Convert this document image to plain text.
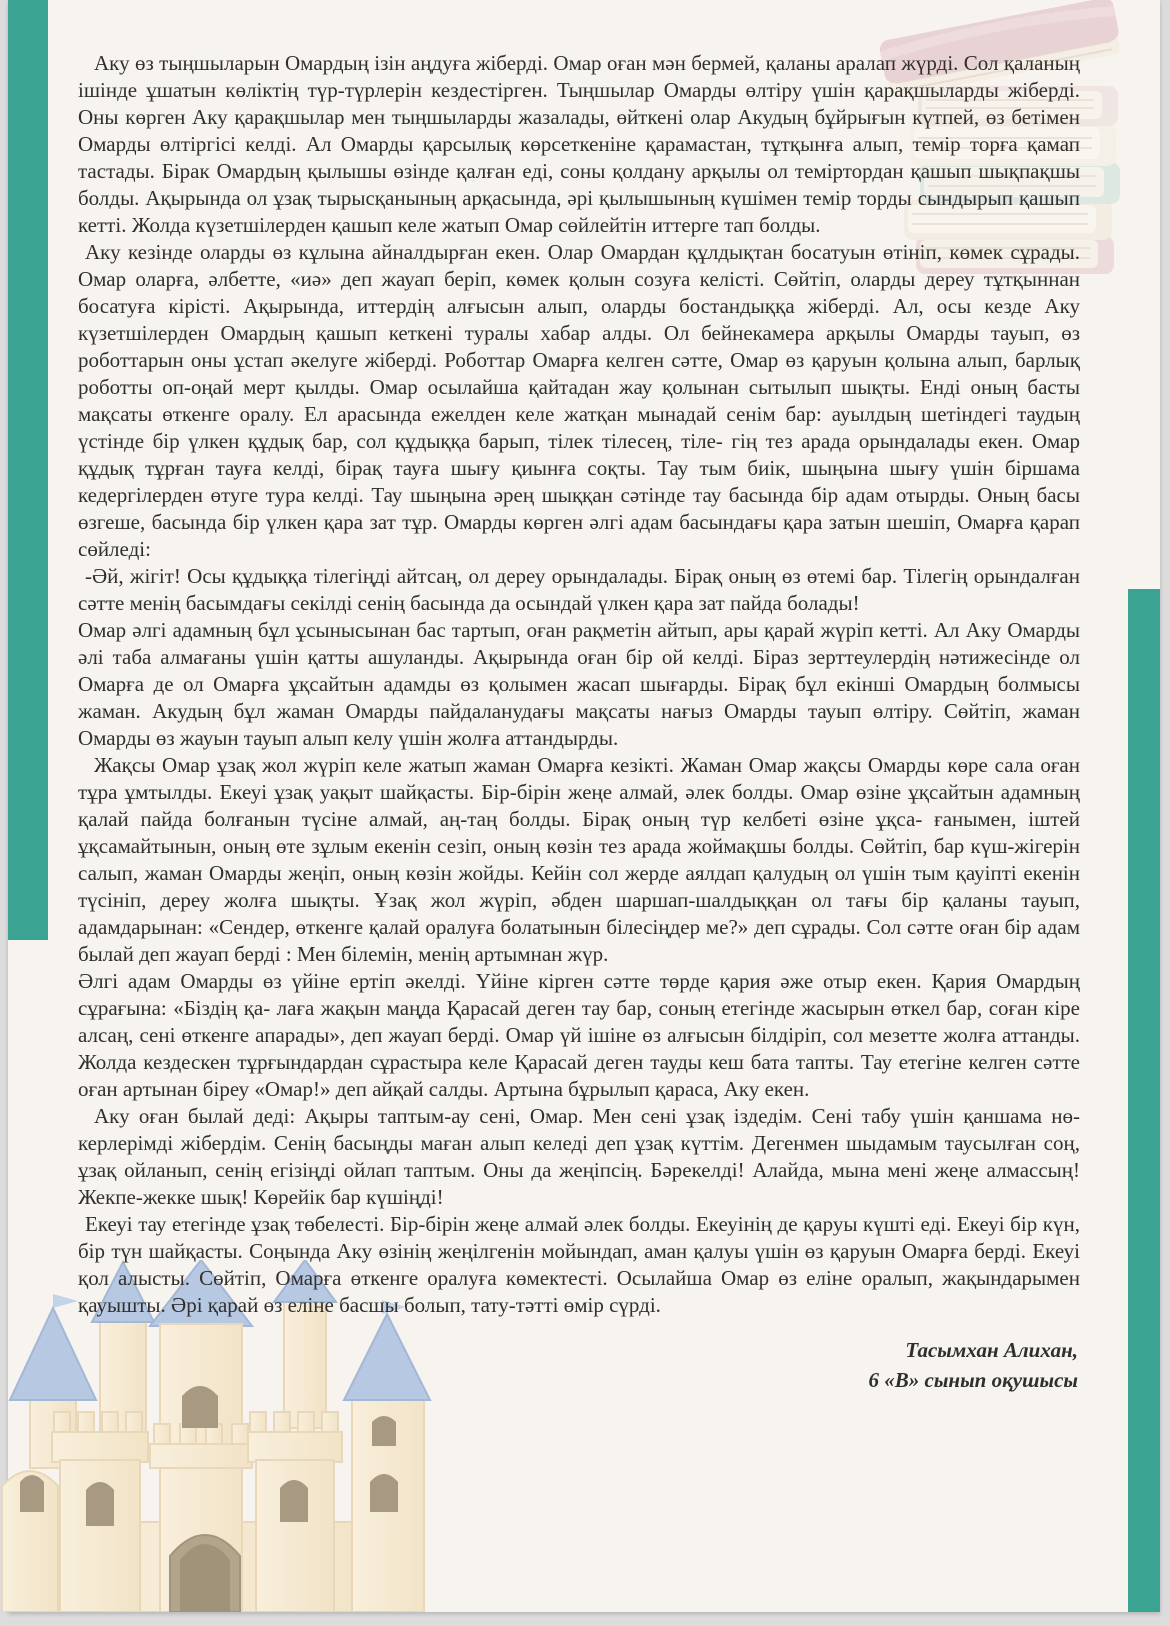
Аку өз тыңшыларын Омардың ізін аңдуға жіберді. Омар оған мән бермей, қаланы аралап жүрді. Сол қаланың ішінде ұшатын көліктің түр-түрлерін кездестірген. Тыңшылар Омарды өлтіру үшін қарақшыларды жіберді. Оны көрген Аку қарақшылар мен тыңшыларды жазалады, өйткені олар Акудың бұйрығын күтпей, өз бетімен Омарды өлтіргісі келді. Ал Омарды қарсылық көрсеткеніне қарамастан, тұтқынға алып, темір торға қамап тастады. Бірак Омардың қылышы өзінде қалған еді, соны қолдану арқылы ол теміртордан қашып шықпақшы болды. Ақырында ол ұзақ тырысқанының арқасында, әрі қылышының күшімен темір торды сындырып қашып кетті. Жолда күзетшілерден қашып келе жатып Омар сөйлейтін иттерге тап болды.

Аку кезінде оларды өз кұлына айналдырған екен. Олар Омардан құлдықтан босатуын өтініп, көмек сұрады. Омар оларға, әлбетте, «иә» деп жауап беріп, көмек қолын созуға келісті. Сөйтіп, оларды дереу тұтқыннан босатуға кірісті. Ақырында, иттердің алғысын алып, оларды бостандыққа жіберді. Ал, осы кезде Аку күзетшілерден Омардың қашып кеткені туралы хабар алды. Ол бейнекамера арқылы Омарды тауып, өз роботтарын оны ұстап әкелуге жіберді. Роботтар Омарға келген сәтте, Омар өз қаруын қолына алып, барлық роботты оп-оңай мерт қылды. Омар осылайша қайтадан жау қолынан сытылып шықты. Енді оның басты мақсаты өткенге оралу. Ел арасында ежелден келе жатқан мынадай сенім бар: ауылдың шетіндегі таудың үстінде бір үлкен құдық бар, сол құдыққа барып, тілек тілесең, тіле- гің тез арада орындалады екен. Омар құдық тұрған тауға келді, бірақ тауға шығу қиынға соқты. Тау тым биік, шыңына шығу үшін біршама кедергілерден өтуге тура келді. Тау шыңына әрең шыққан сәтінде тау басында бір адам отырды. Оның басы өзгеше, басында бір үлкен қара зат тұр. Омарды көрген әлгі адам басындағы қара затын шешіп, Омарға қарап сөйледі:

-Әй, жігіт! Осы құдыққа тілегіңді айтсаң, ол дереу орындалады. Бірақ оның өз өтемі бар. Тілегің орындалған сәтте менің басымдағы секілді сенің басында да осындай үлкен қара зат пайда болады!

Омар әлгі адамның бұл ұсынысынан бас тартып, оған рақметін айтып, ары қарай жүріп кетті. Ал Аку Омарды әлі таба алмағаны үшін қатты ашуланды. Ақырында оған бір ой келді. Біраз зерттеулердің нәтижесінде ол Омарға де ол Омарға ұқсайтын адамды өз қолымен жасап шығарды. Бірақ бұл екінші Омардың болмысы жаман. Акудың бұл жаман Омарды пайдаланудағы мақсаты нағыз Омарды тауып өлтіру. Сөйтіп, жаман Омарды өз жауын тауып алып келу үшін жолға аттандырды.

Жақсы Омар ұзақ жол жүріп келе жатып жаман Омарға кезікті. Жаман Омар жақсы Омарды көре сала оған тұра ұмтылды. Екеуі ұзақ уақыт шайқасты. Бір-бірін жеңе алмай, әлек болды. Омар өзіне ұқсайтын адамның қалай пайда болғанын түсіне алмай, аң-таң болды. Бірақ оның түр келбеті өзіне ұқса- ғанымен, іштей ұқсамайтынын, оның өте зұлым екенін сезіп, оның көзін тез арада жоймақшы болды. Сөйтіп, бар күш-жігерін салып, жаман Омарды жеңіп, оның көзін жойды. Кейін сол жерде аялдап қалудың ол үшін тым қауіпті екенін түсініп, дереу жолға шықты. Ұзақ жол жүріп, әбден шаршап-шалдыққан ол тағы бір қаланы тауып, адамдарынан: «Сендер, өткенге қалай оралуға болатынын білесіңдер ме?» деп сұрады. Сол сәтте оған бір адам былай деп жауап берді : Мен білемін, менің артымнан жүр.

Әлгі адам Омарды өз үйіне ертіп әкелді. Үйіне кірген сәтте төрде қария әже отыр екен. Қария Омардың сұрағына: «Біздің қа- лаға жақын маңда Қарасай деген тау бар, соның етегінде жасырын өткел бар, соған кіре алсаң, сені өткенге апарады», деп жауап берді. Омар үй ішіне өз алғысын білдіріп, сол мезетте жолға аттанды. Жолда кездескен тұрғындардан сұрастыра келе Қарасай деген тауды кеш бата тапты. Тау етегіне келген сәтте оған артынан біреу «Омар!» деп айқай салды. Артына бұрылып қараса, Аку екен.

Аку оған былай деді: Ақыры таптым-ау сені, Омар. Мен сені ұзақ іздедім. Сені табу үшін қаншама нө- керлерімді жібердім. Сенің басыңды маған алып келеді деп ұзақ күттім. Дегенмен шыдамым таусылған соң, ұзақ ойланып, сенің егізіңді ойлап таптым. Оны да жеңіпсің. Бәрекелді! Алайда, мына мені жеңе алмассың! Жекпе-жекке шық! Көрейік бар күшіңді!

Екеуі тау етегінде ұзақ төбелесті. Бір-бірін жеңе алмай әлек болды. Екеуінің де қаруы күшті еді. Екеуі бір күн, бір түн шайқасты. Соңында Аку өзінің жеңілгенін мойындап, аман қалуы үшін өз қаруын Омарға берді. Екеуі қол алысты. Сөйтіп, Омарға өткенге оралуға көмектесті. Осылайша Омар өз еліне оралып, жақындарымен қауышты. Әрі қарай өз еліне басшы болып, тату-тәтті өмір сүрді.

Тасымхан Алихан,
6 «В» сынып оқушысы
